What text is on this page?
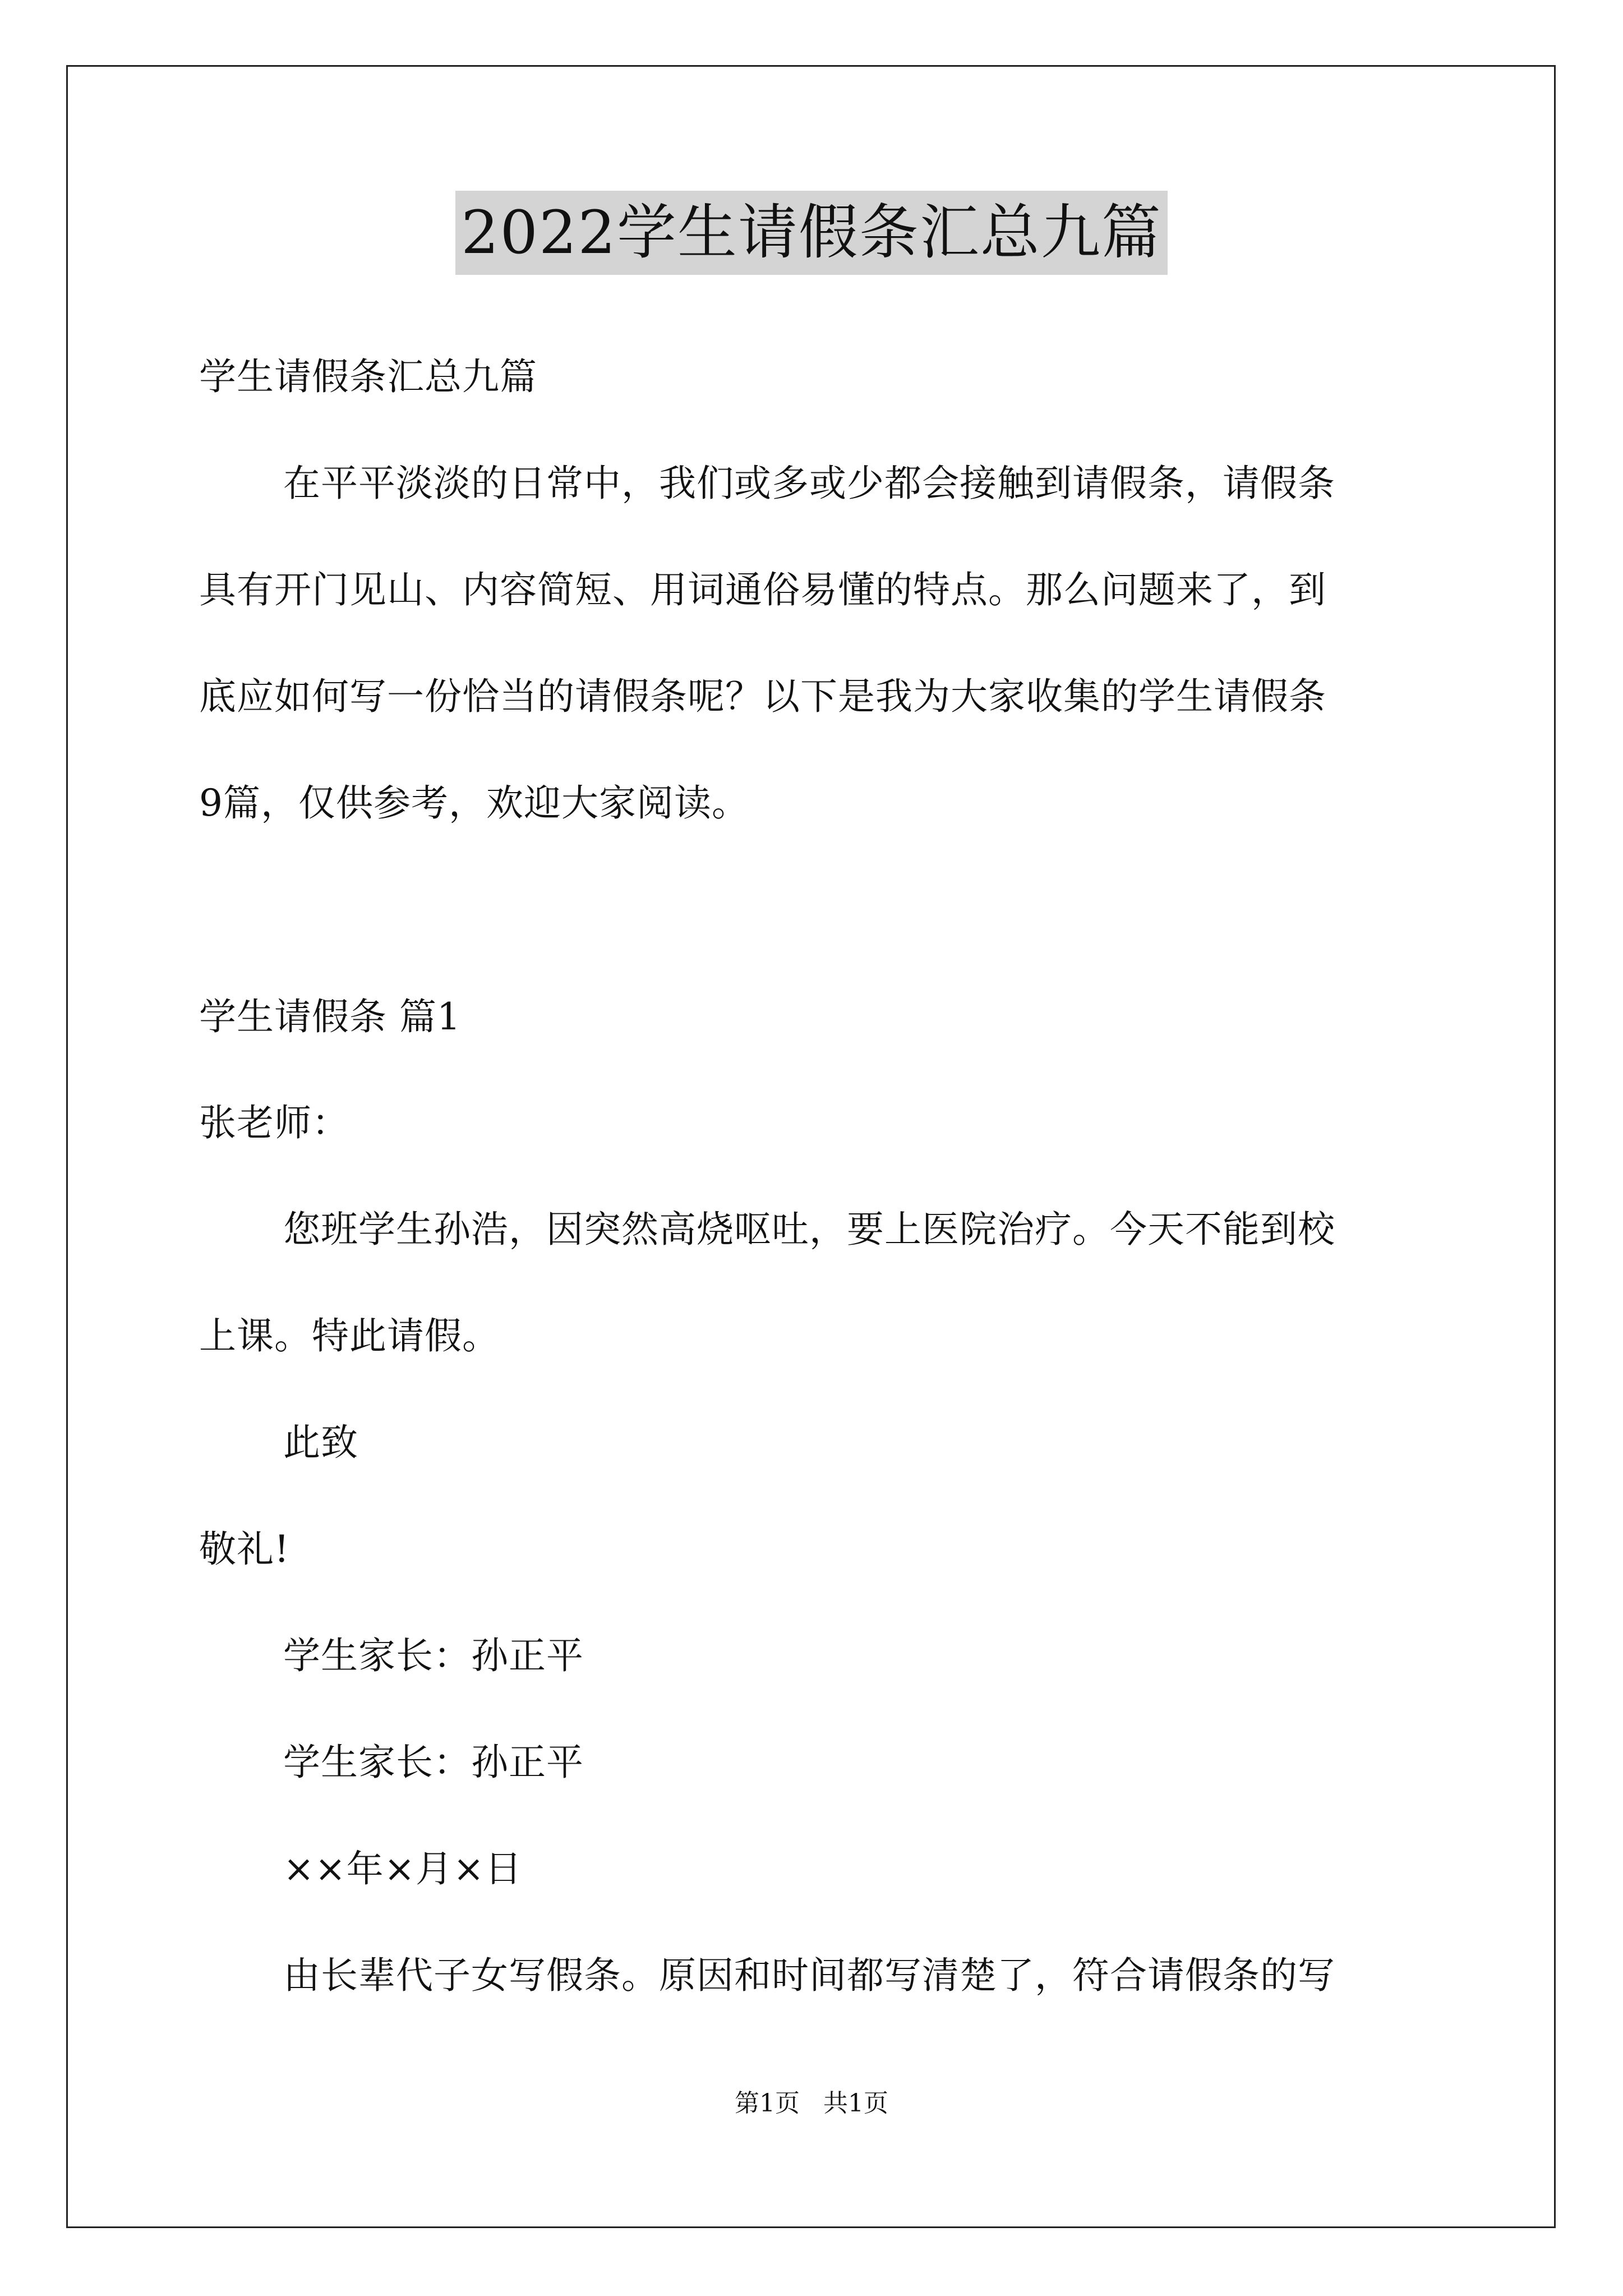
2022学生请假条汇总九篇
学生请假条汇总九篇
在平平淡淡的日常中，我们或多或少都会接触到请假条，请假条
具有开门见山、内容简短、用词通俗易懂的特点。那么问题来了，到
底应如何写一份恰当的请假条呢？以下是我为大家收集的学生请假条
9篇，仅供参考，欢迎大家阅读。
学生请假条 篇1
张老师：
您班学生孙浩，因突然高烧呕吐，要上医院治疗。今天不能到校
上课。特此请假。
此致
敬礼!
学生家长：孙正平
学生家长：孙正平
××年×月×日
由长辈代子女写假条。原因和时间都写清楚了，符合请假条的写
第1页 共1页
